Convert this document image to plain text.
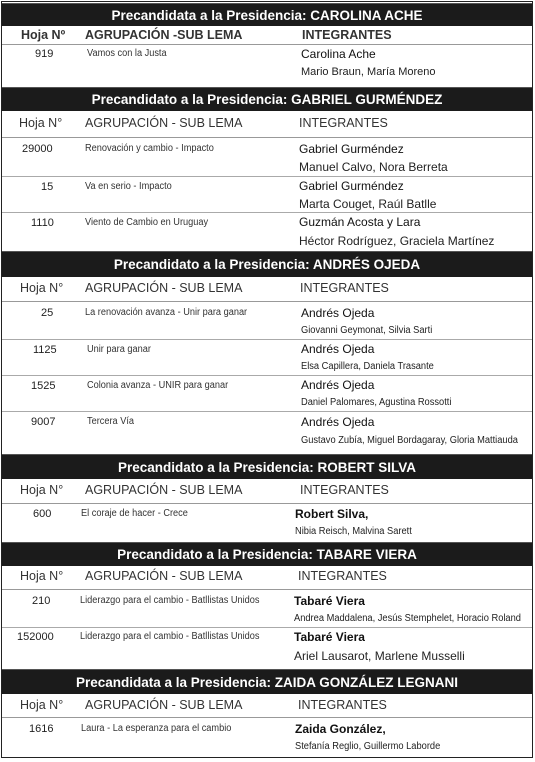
Precandidata a la Presidencia: CAROLINA ACHE
Hoja Nº AGRUPACIÓN -SUB LEMA	INTEGRANTES
919	Vamos con la Justa	Carolina Ache
Mario Braun, María Moreno
Precandidato a la Presidencia: GABRIEL GURMÉNDEZ
Hoja N° AGRUPACIÓN - SUB LEMA	INTEGRANTES
29000	Renovación y cambio - Impacto	Gabriel Gurméndez
Manuel Calvo, Nora Berreta
15	Va en serio - Impacto	Gabriel Gurméndez
Marta Couget, Raúl Batlle
1110	Viento de Cambio en Uruguay	Guzmán Acosta y Lara
Héctor Rodríguez, Graciela Martínez
Precandidato a la Presidencia: ANDRÉS OJEDA
Hoja N° AGRUPACIÓN - SUB LEMA	INTEGRANTES
25	La renovación avanza - Unir para ganar	Andrés Ojeda
Giovanni Geymonat, Silvia Sarti
1125	Unir para ganar	Andrés Ojeda
Elsa Capillera, Daniela Trasante
1525	Colonia avanza - UNIR para ganar	Andrés Ojeda
Daniel Palomares, Agustina Rossotti
9007	Tercera Vía	Andrés Ojeda
Gustavo Zubía, Miguel Bordagaray, Gloria Mattiauda
Precandidato a la Presidencia: ROBERT SILVA
Hoja N° AGRUPACIÓN - SUB LEMA	INTEGRANTES
600	El coraje de hacer - Crece	Robert Silva,
Nibia Reisch, Malvina Sarett
Precandidato a la Presidencia: TABARE VIERA
Hoja N° AGRUPACIÓN - SUB LEMA	INTEGRANTES
210	Liderazgo para el cambio - Batllistas Unidos	Tabaré Viera
Andrea Maddalena, Jesús Stemphelet, Horacio Roland
152000	Liderazgo para el cambio - Batllistas Unidos	Tabaré Viera
Ariel Lausarot, Marlene Musselli
Precandidata a la Presidencia: ZAIDA GONZÁLEZ LEGNANI
Hoja N° AGRUPACIÓN - SUB LEMA	INTEGRANTES
1616	Laura - La esperanza para el cambio	Zaida González,
Stefanía Reglio, Guillermo Laborde
